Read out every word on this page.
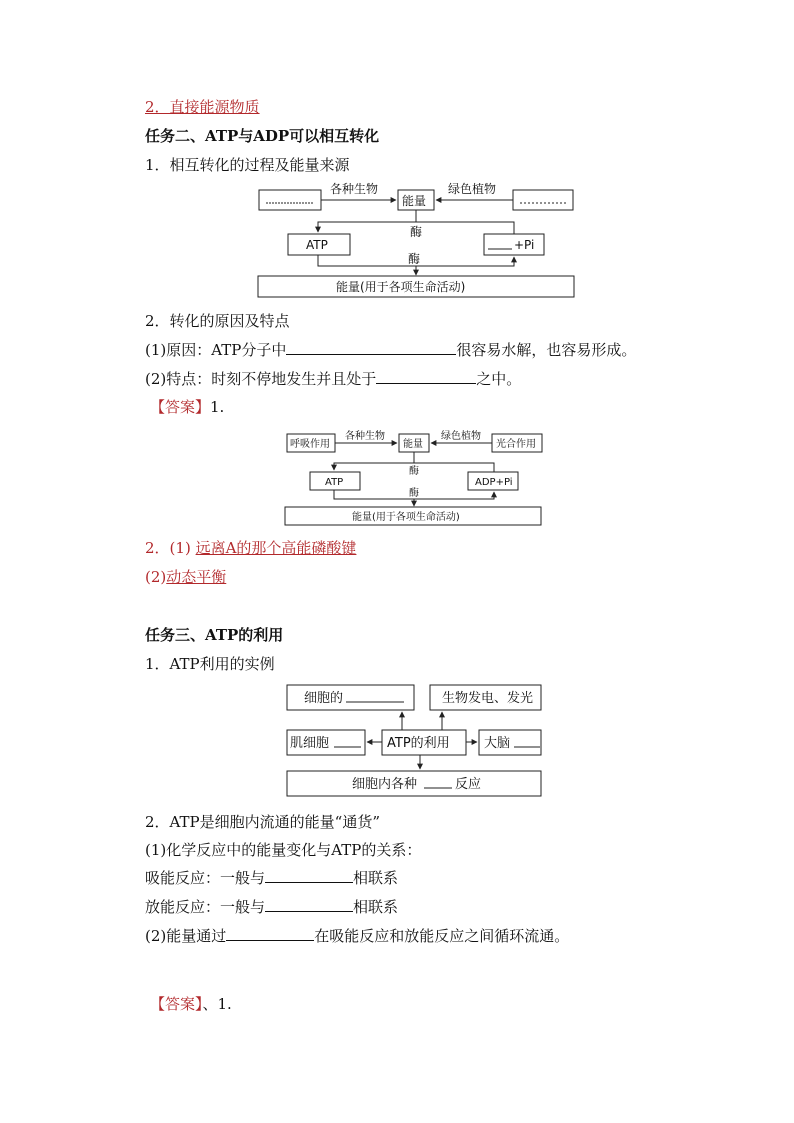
2．直接能源物质
任务二、ATP与ADP可以相互转化
1．相互转化的过程及能量来源
2．转化的原因及特点
(1)原因：ATP分子中	很容易水解，也容易形成。
(2)特点：时刻不停地发生并且处于	之中。
【答案】1.
2．(1) 远离A的那个高能磷酸键
(2)动态平衡
任务三、ATP的利用
1．ATP利用的实例
2．ATP是细胞内流通的能量“通货”
(1)化学反应中的能量变化与ATP的关系：
吸能反应：一般与	相联系
放能反应：一般与	相联系
(2)能量通过	在吸能反应和放能反应之间循环流通。
【答案】、1.
各种生物
能量
绿色植物
酶
酶
ATP	+Pi
能量(用于各项生命活动)
呼吸作用
各种生物
能量
绿色植物
光合作用
酶
酶
ATP	ADP+Pi
能量(用于各项生命活动)
细胞的	生物发电、发光
肌细胞	ATP的利用	大脑
细胞内各种	反应
